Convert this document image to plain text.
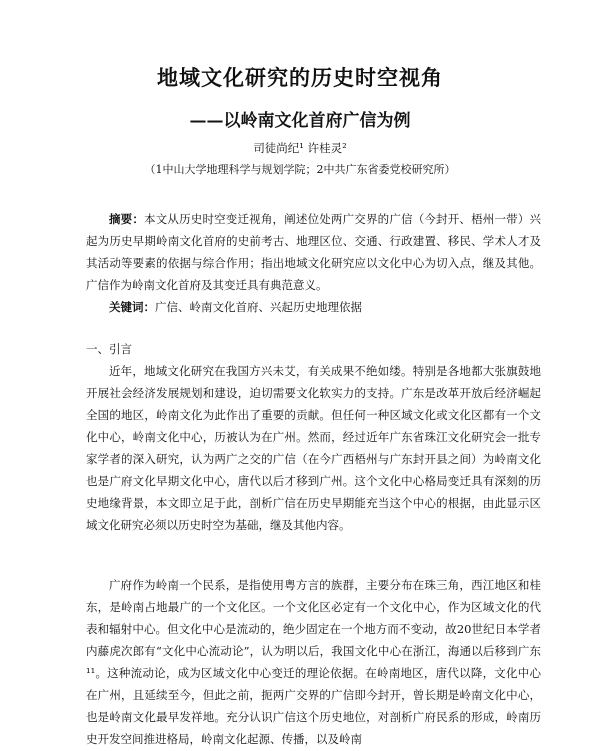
地域文化研究的历史时空视角
——以岭南文化首府广信为例
司徒尚纪¹ 许桂灵²
（1中山大学地理科学与规划学院；2中共广东省委党校研究所）

摘要：本文从历史时空变迁视角，阐述位处两广交界的广信（今封开、梧州一带）兴起为历史早期岭南文化首府的史前考古、地理区位、交通、行政建置、移民、学术人才及其活动等要素的依据与综合作用；指出地域文化研究应以文化中心为切入点，继及其他。广信作为岭南文化首府及其变迁具有典范意义。

关键词：广信、岭南文化首府、兴起历史地理依据

一、引言

近年，地域文化研究在我国方兴未艾，有关成果不绝如缕。特别是各地都大张旗鼓地开展社会经济发展规划和建设，迫切需要文化软实力的支持。广东是改革开放后经济崛起全国的地区，岭南文化为此作出了重要的贡献。但任何一种区域文化或文化区都有一个文化中心，岭南文化中心，历被认为在广州。然而，经过近年广东省珠江文化研究会一批专家学者的深入研究，认为两广之交的广信（在今广西梧州与广东封开县之间）为岭南文化也是广府文化早期文化中心，唐代以后才移到广州。这个文化中心格局变迁具有深刻的历史地缘背景，本文即立足于此，剖析广信在历史早期能充当这个中心的根据，由此显示区域文化研究必须以历史时空为基础，继及其他内容。

广府作为岭南一个民系，是指使用粤方言的族群，主要分布在珠三角，西江地区和桂东，是岭南占地最广的一个文化区。一个文化区必定有一个文化中心，作为区域文化的代表和辐射中心。但文化中心是流动的，绝少固定在一个地方而不变动，故20世纪日本学者内藤虎次郎有“文化中心流动论”，认为明以后，我国文化中心在浙江，海通以后移到广东¹¹。这种流动论，成为区域文化中心变迁的理论依据。在岭南地区，唐代以降，文化中心在广州，且延续至今，但此之前，扼两广交界的广信即今封开，曾长期是岭南文化中心，也是岭南文化最早发祥地。充分认识广信这个历史地位，对剖析广府民系的形成，岭南历史开发空间推进格局，岭南文化起源、传播，以及岭南
